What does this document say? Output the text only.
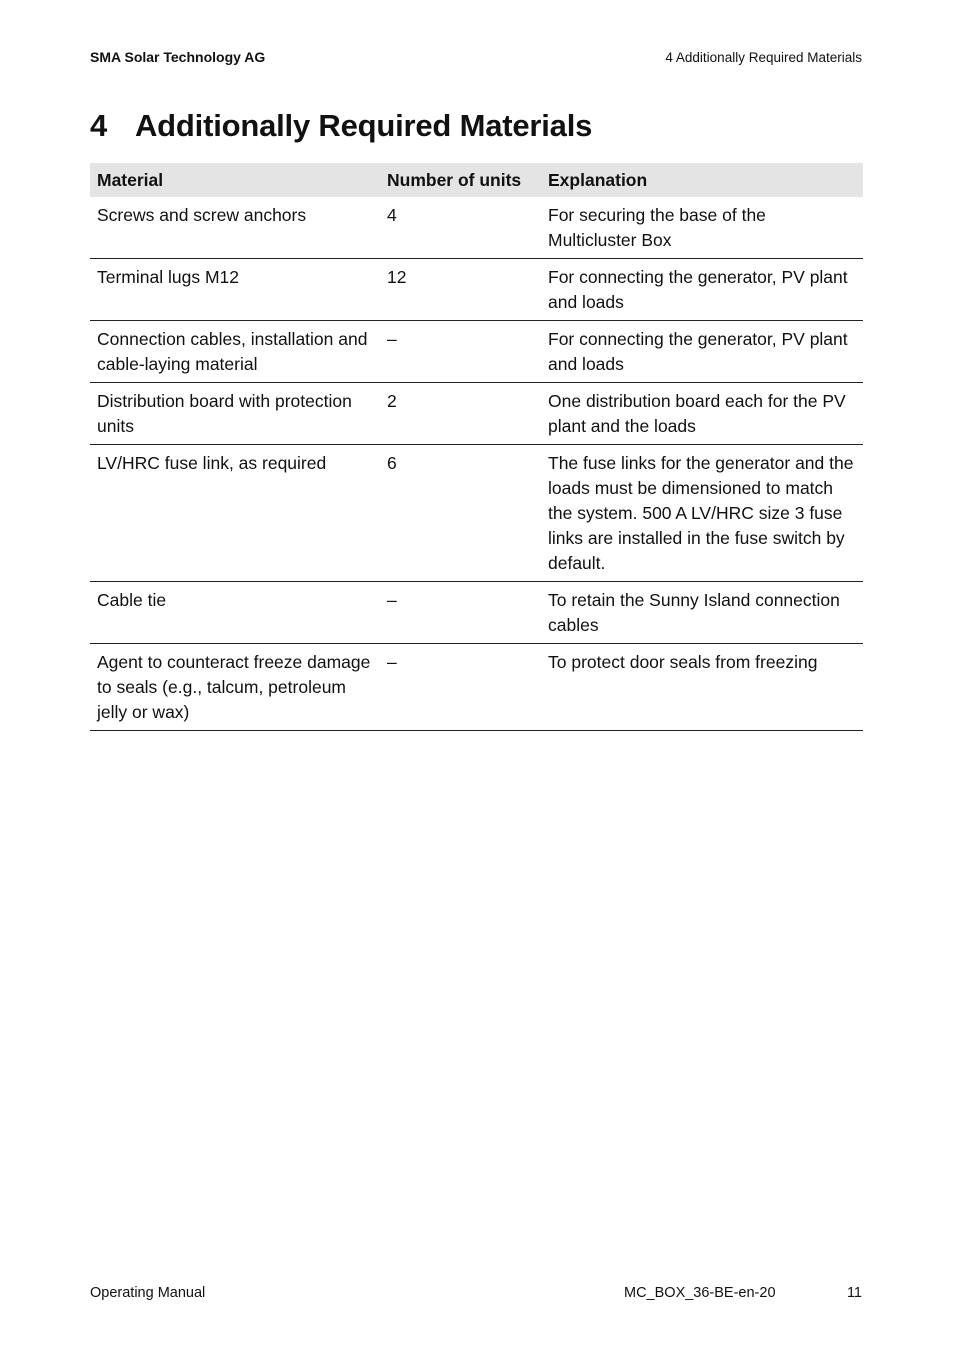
SMA Solar Technology AG	4 Additionally Required Materials
4 Additionally Required Materials
Material	Number of units	Explanation
Screws and screw anchors	4	For securing the base of the Multicluster Box
Terminal lugs M12	12	For connecting the generator, PV plant and loads
Connection cables, installation and cable-laying material	–	For connecting the generator, PV plant and loads
Distribution board with protection units	2	One distribution board each for the PV plant and the loads
LV/HRC fuse link, as required	6	The fuse links for the generator and the loads must be dimensioned to match the system. 500 A LV/HRC size 3 fuse links are installed in the fuse switch by default.
Cable tie	–	To retain the Sunny Island connection cables
Agent to counteract freeze damage to seals (e.g., talcum, petroleum jelly or wax)	–	To protect door seals from freezing
Operating Manual	MC_BOX_36-BE-en-20	11
